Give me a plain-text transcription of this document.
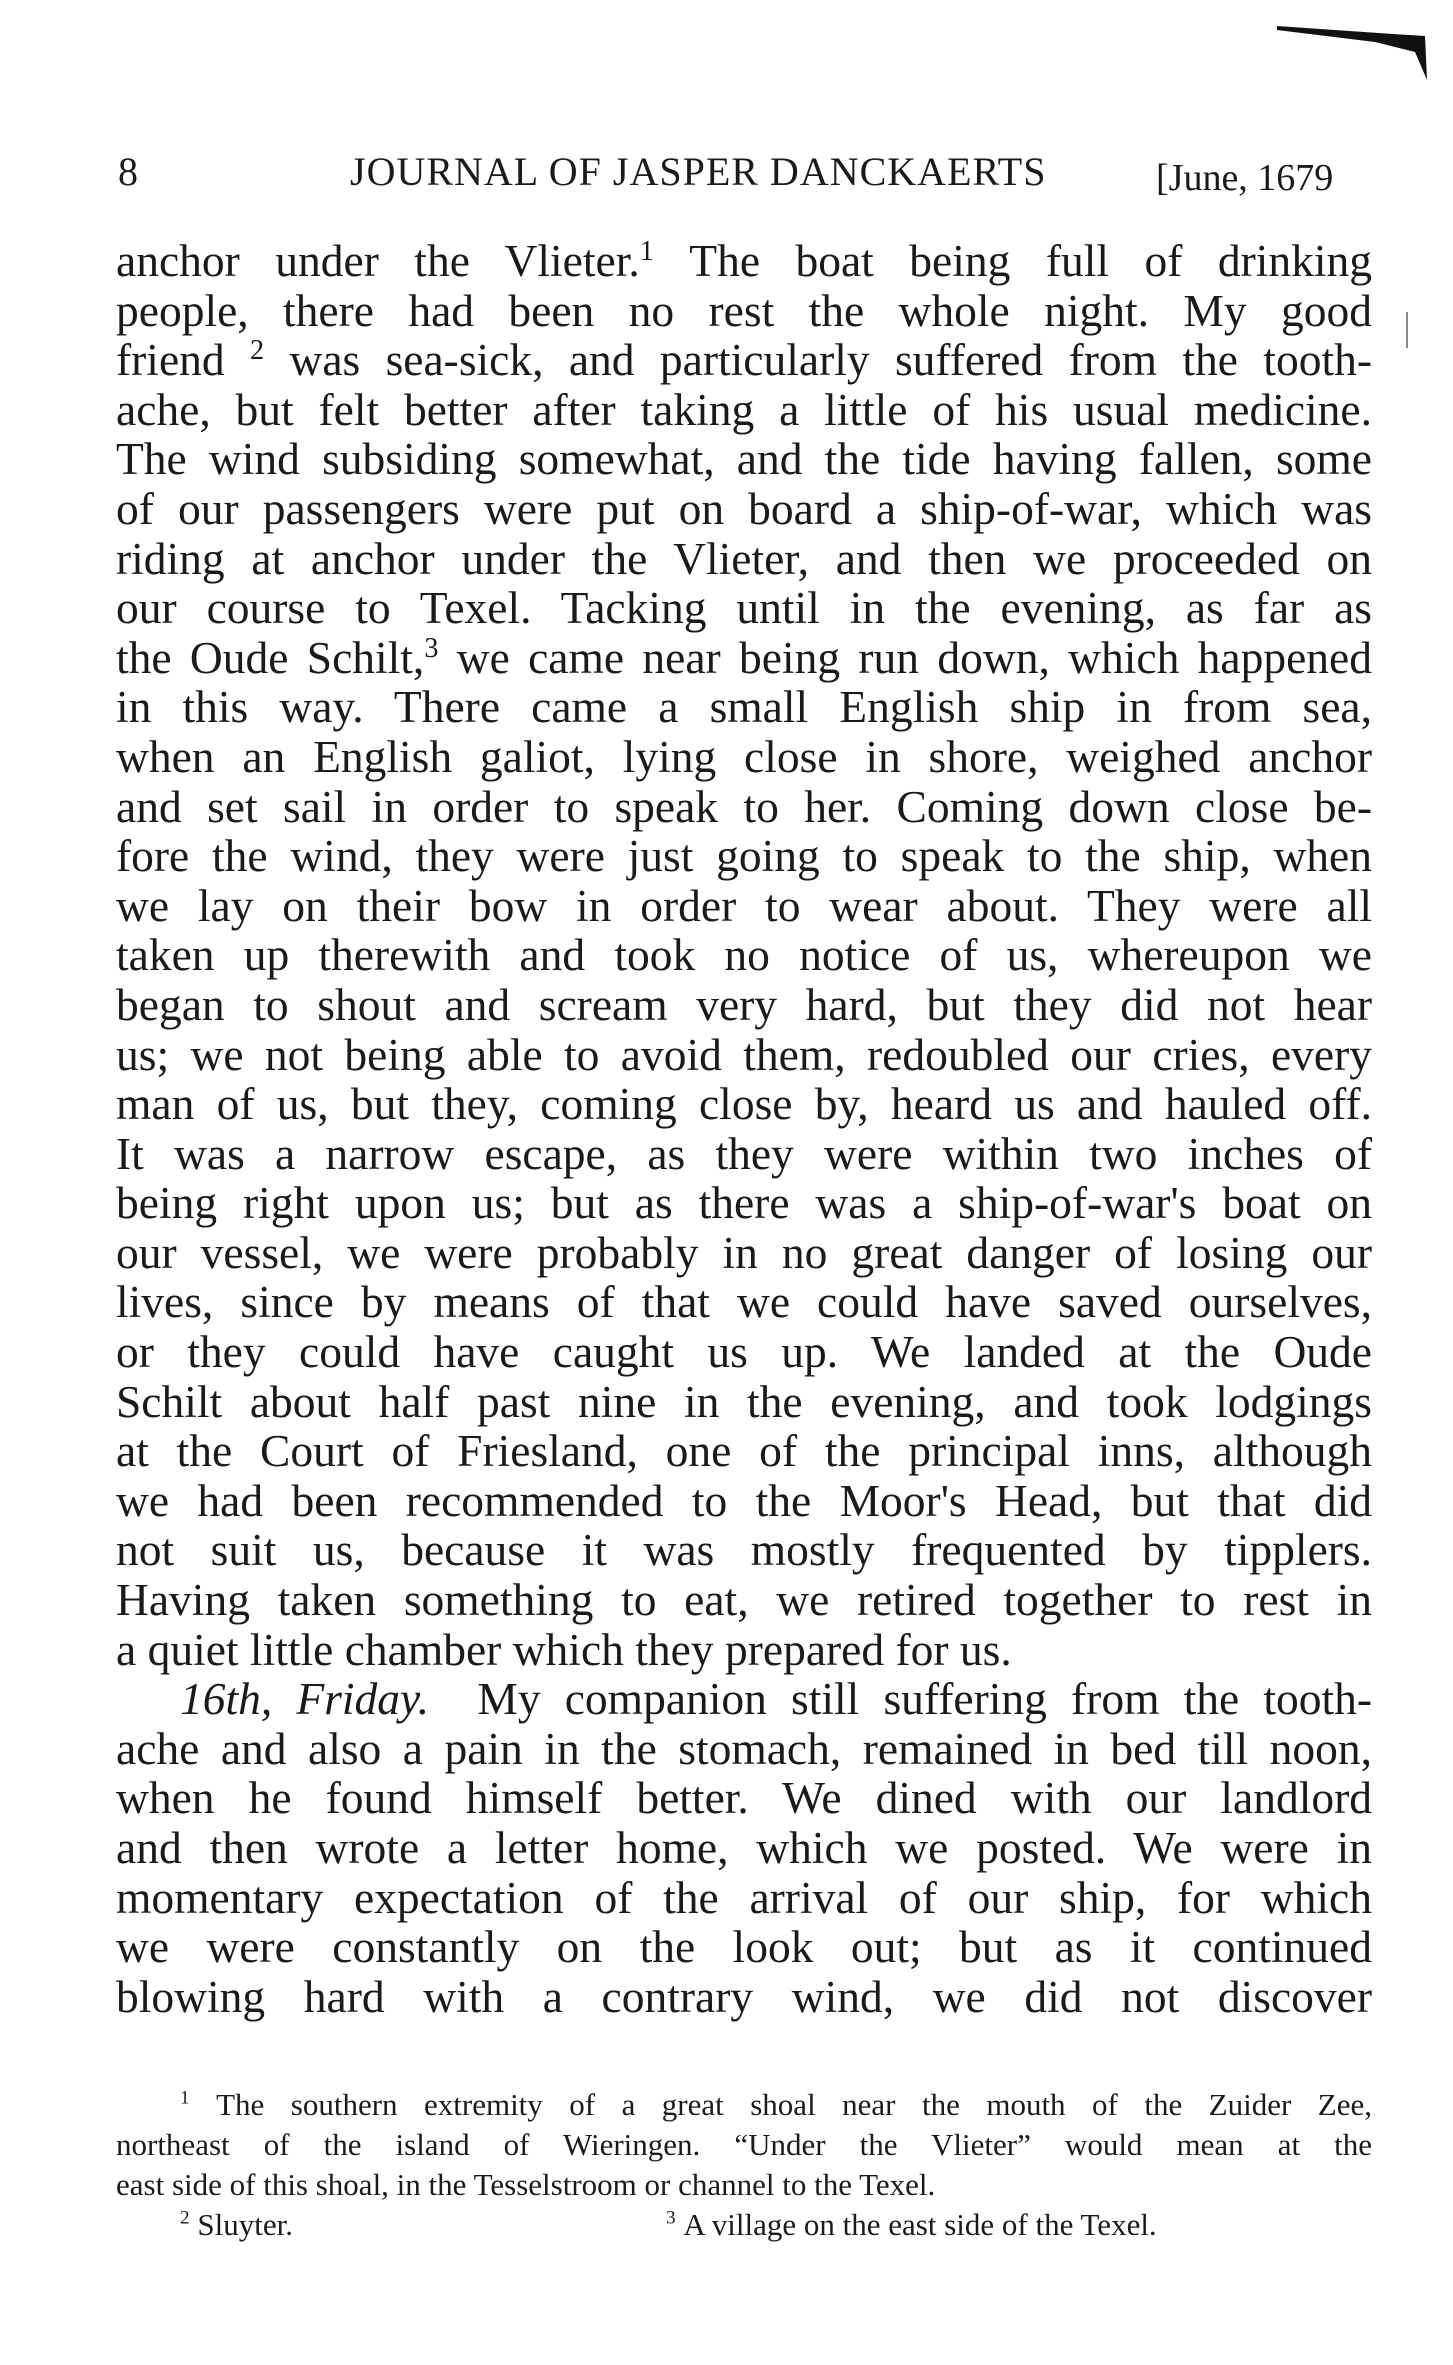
8	JOURNAL OF JASPER DANCKAERTS	[June, 1679
anchor under the Vlieter.$^1$ The boat being full of drinking
people, there had been no rest the whole night. My good
friend $^2$ was sea-sick, and particularly suffered from the tooth-
ache, but felt better after taking a little of his usual medicine.
The wind subsiding somewhat, and the tide having fallen, some
of our passengers were put on board a ship-of-war, which was
riding at anchor under the Vlieter, and then we proceeded on
our course to Texel. Tacking until in the evening, as far as
the Oude Schilt,$^3$ we came near being run down, which happened
in this way. There came a small English ship in from sea,
when an English galiot, lying close in shore, weighed anchor
and set sail in order to speak to her. Coming down close be-
fore the wind, they were just going to speak to the ship, when
we lay on their bow in order to wear about. They were all
taken up therewith and took no notice of us, whereupon we
began to shout and scream very hard, but they did not hear
us; we not being able to avoid them, redoubled our cries, every
man of us, but they, coming close by, heard us and hauled off.
It was a narrow escape, as they were within two inches of
being right upon us; but as there was a ship-of-war's boat on
our vessel, we were probably in no great danger of losing our
lives, since by means of that we could have saved ourselves,
or they could have caught us up. We landed at the Oude
Schilt about half past nine in the evening, and took lodgings
at the Court of Friesland, one of the principal inns, although
we had been recommended to the Moor's Head, but that did
not suit us, because it was mostly frequented by tipplers.
Having taken something to eat, we retired together to rest in
a quiet little chamber which they prepared for us.
16th, Friday. My companion still suffering from the tooth-
ache and also a pain in the stomach, remained in bed till noon,
when he found himself better. We dined with our landlord
and then wrote a letter home, which we posted. We were in
momentary expectation of the arrival of our ship, for which
we were constantly on the look out; but as it continued
blowing hard with a contrary wind, we did not discover
$^1$ The southern extremity of a great shoal near the mouth of the Zuider Zee,
northeast of the island of Wieringen. “Under the Vlieter” would mean at the
east side of this shoal, in the Tesselstroom or channel to the Texel.
$^2$ Sluyter.	$^3$ A village on the east side of the Texel.
